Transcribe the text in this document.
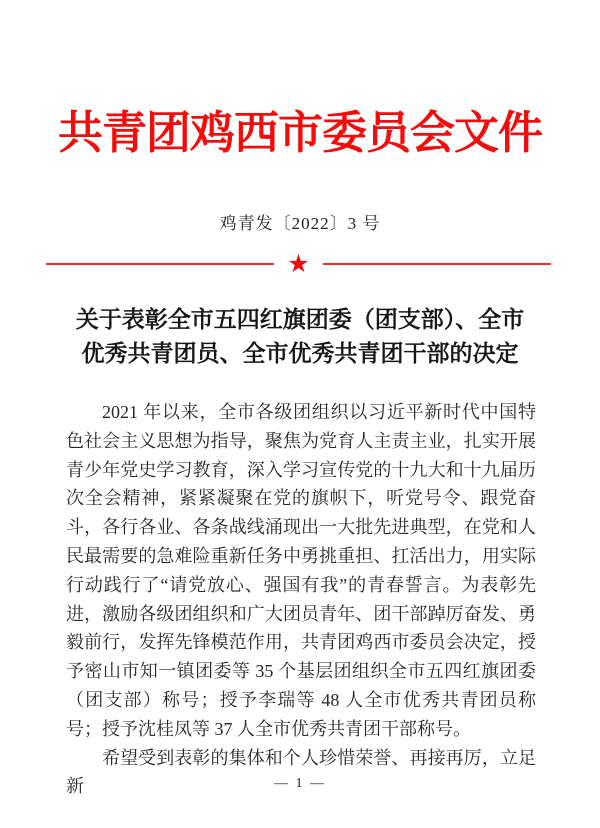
共青团鸡西市委员会文件
鸡青发〔2022〕3 号
★
关于表彰全市五四红旗团委（团支部）、全市
优秀共青团员、全市优秀共青团干部的决定

2021 年以来，全市各级团组织以习近平新时代中国特色社会主义思想为指导，聚焦为党育人主责主业，扎实开展青少年党史学习教育，深入学习宣传党的十九大和十九届历次全会精神，紧紧凝聚在党的旗帜下，听党号令、跟党奋斗，各行各业、各条战线涌现出一大批先进典型，在党和人民最需要的急难险重新任务中勇挑重担、扛活出力，用实际行动践行了“请党放心、强国有我”的青春誓言。为表彰先进，激励各级团组织和广大团员青年、团干部踔厉奋发、勇毅前行，发挥先锋模范作用，共青团鸡西市委员会决定，授予密山市知一镇团委等 35 个基层团组织全市五四红旗团委（团支部）称号；授予李瑞等 48 人全市优秀共青团员称号；授予沈桂凤等 37 人全市优秀共青团干部称号。

希望受到表彰的集体和个人珍惜荣誉、再接再厉，立足新	— 1 —
